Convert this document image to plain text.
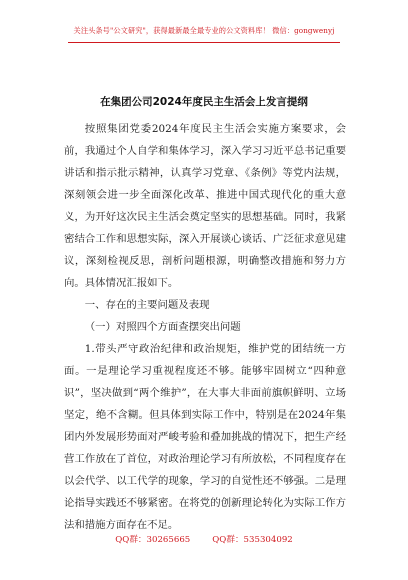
关注头条号"公文研究"，获得最新最全最专业的公文资料库！ 微信：gongwenyj
在集团公司2024年度民主生活会上发言提纲

按照集团党委2024年度民主生活会实施方案要求，会前，我通过个人自学和集体学习，深入学习习近平总书记重要讲话和指示批示精神，认真学习党章、《条例》等党内法规，深刻领会进一步全面深化改革、推进中国式现代化的重大意义，为开好这次民主生活会奠定坚实的思想基础。同时，我紧密结合工作和思想实际，深入开展谈心谈话、广泛征求意见建议，深刻检视反思，剖析问题根源，明确整改措施和努力方向。具体情况汇报如下。

一、存在的主要问题及表现

（一）对照四个方面查摆突出问题

1.带头严守政治纪律和政治规矩，维护党的团结统一方面。一是理论学习重视程度还不够。能够牢固树立“四种意识”，坚决做到“两个维护”，在大事大非面前旗帜鲜明、立场坚定，绝不含糊。但具体到实际工作中，特别是在2024年集团内外发展形势面对严峻考验和叠加挑战的情况下，把生产经营工作放在了首位，对政治理论学习有所放松，不同程度存在以会代学、以工代学的现象，学习的自觉性还不够强。二是理论指导实践还不够紧密。在将党的创新理论转化为实际工作方法和措施方面存在不足。

QQ群：30265665	QQ群：535304092
